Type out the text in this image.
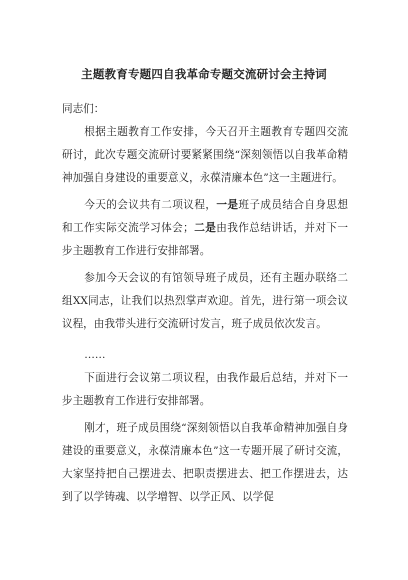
主题教育专题四自我革命专题交流研讨会主持词

同志们：

根据主题教育工作安排，今天召开主题教育专题四交流研讨，此次专题交流研讨要紧紧围绕“深刻领悟以自我革命精神加强自身建设的重要意义，永葆清廉本色”这一主题进行。

今天的会议共有二项议程，一是班子成员结合自身思想和工作实际交流学习体会；二是由我作总结讲话，并对下一步主题教育工作进行安排部署。

参加今天会议的有馆领导班子成员，还有主题办联络二组XX同志，让我们以热烈掌声欢迎。首先，进行第一项会议议程，由我带头进行交流研讨发言，班子成员依次发言。

……

下面进行会议第二项议程，由我作最后总结，并对下一步主题教育工作进行安排部署。

刚才，班子成员围绕“深刻领悟以自我革命精神加强自身建设的重要意义，永葆清廉本色”这一专题开展了研讨交流，大家坚持把自己摆进去、把职责摆进去、把工作摆进去，达到了以学铸魂、以学增智、以学正风、以学促
